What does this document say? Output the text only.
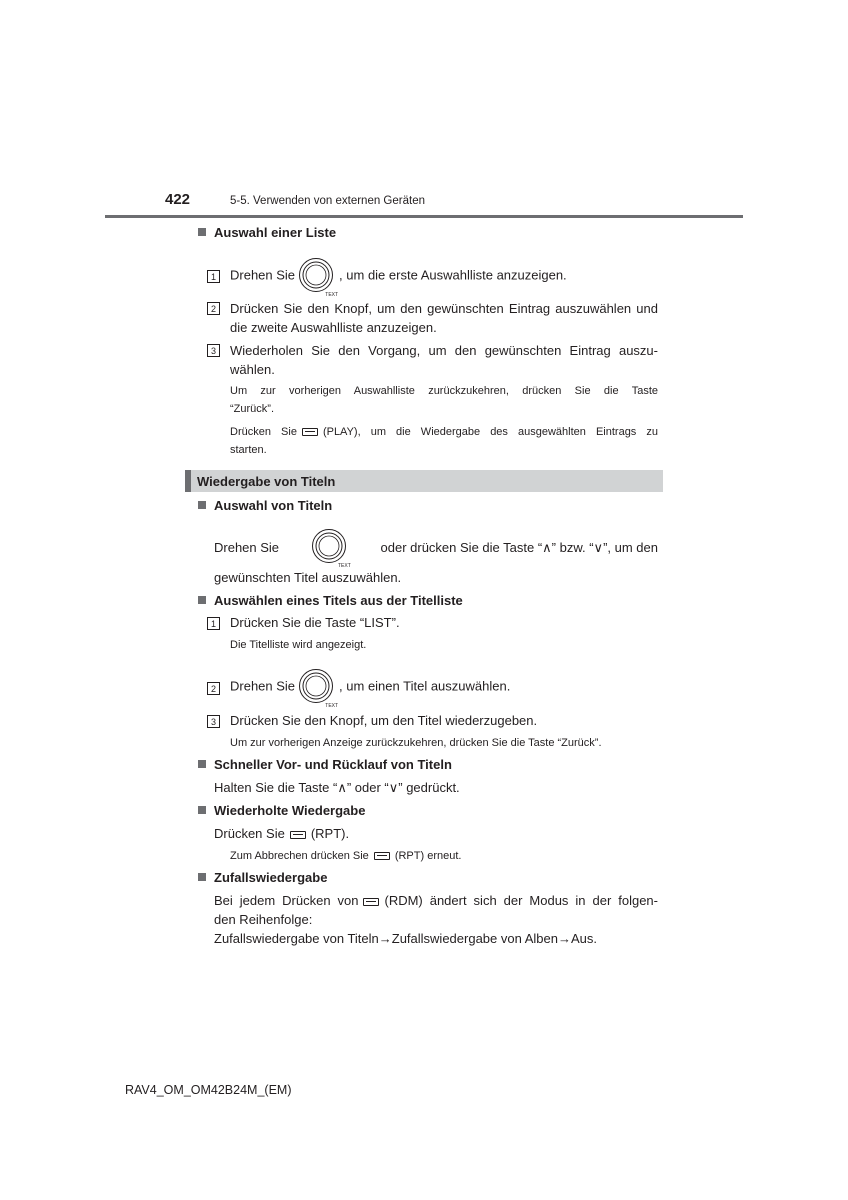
422	5-5. Verwenden von externen Geräten
Auswahl einer Liste
1	Drehen Sie
TEXT
, um die erste Auswahlliste anzuzeigen.
2	Drücken Sie den Knopf, um den gewünschten Eintrag auszuwählen und
die zweite Auswahlliste anzuzeigen.
3	Wiederholen Sie den Vorgang, um den gewünschten Eintrag auszu-
wählen.
Um zur vorherigen Auswahlliste zurückzukehren, drücken Sie die Taste
“Zurück”.
Drücken Sie (PLAY), um die Wiedergabe des ausgewählten Eintrags zu
starten.
Wiedergabe von Titeln
Auswahl von Titeln
Drehen Sie
TEXT
oder drücken Sie die Taste “∧” bzw. “∨”, um den
gewünschten Titel auszuwählen.
Auswählen eines Titels aus der Titelliste
1	Drücken Sie die Taste “LIST”.
Die Titelliste wird angezeigt.
2	Drehen Sie
TEXT
, um einen Titel auszuwählen.
3	Drücken Sie den Knopf, um den Titel wiederzugeben.
Um zur vorherigen Anzeige zurückzukehren, drücken Sie die Taste “Zurück”.
Schneller Vor- und Rücklauf von Titeln
Halten Sie die Taste “∧” oder “∨” gedrückt.
Wiederholte Wiedergabe
Drücken Sie (RPT).
Zum Abbrechen drücken Sie (RPT) erneut.
Zufallswiedergabe
Bei jedem Drücken von (RDM) ändert sich der Modus in der folgen-
den Reihenfolge:
Zufallswiedergabe von Titeln→Zufallswiedergabe von Alben→Aus.
RAV4_OM_OM42B24M_(EM)
